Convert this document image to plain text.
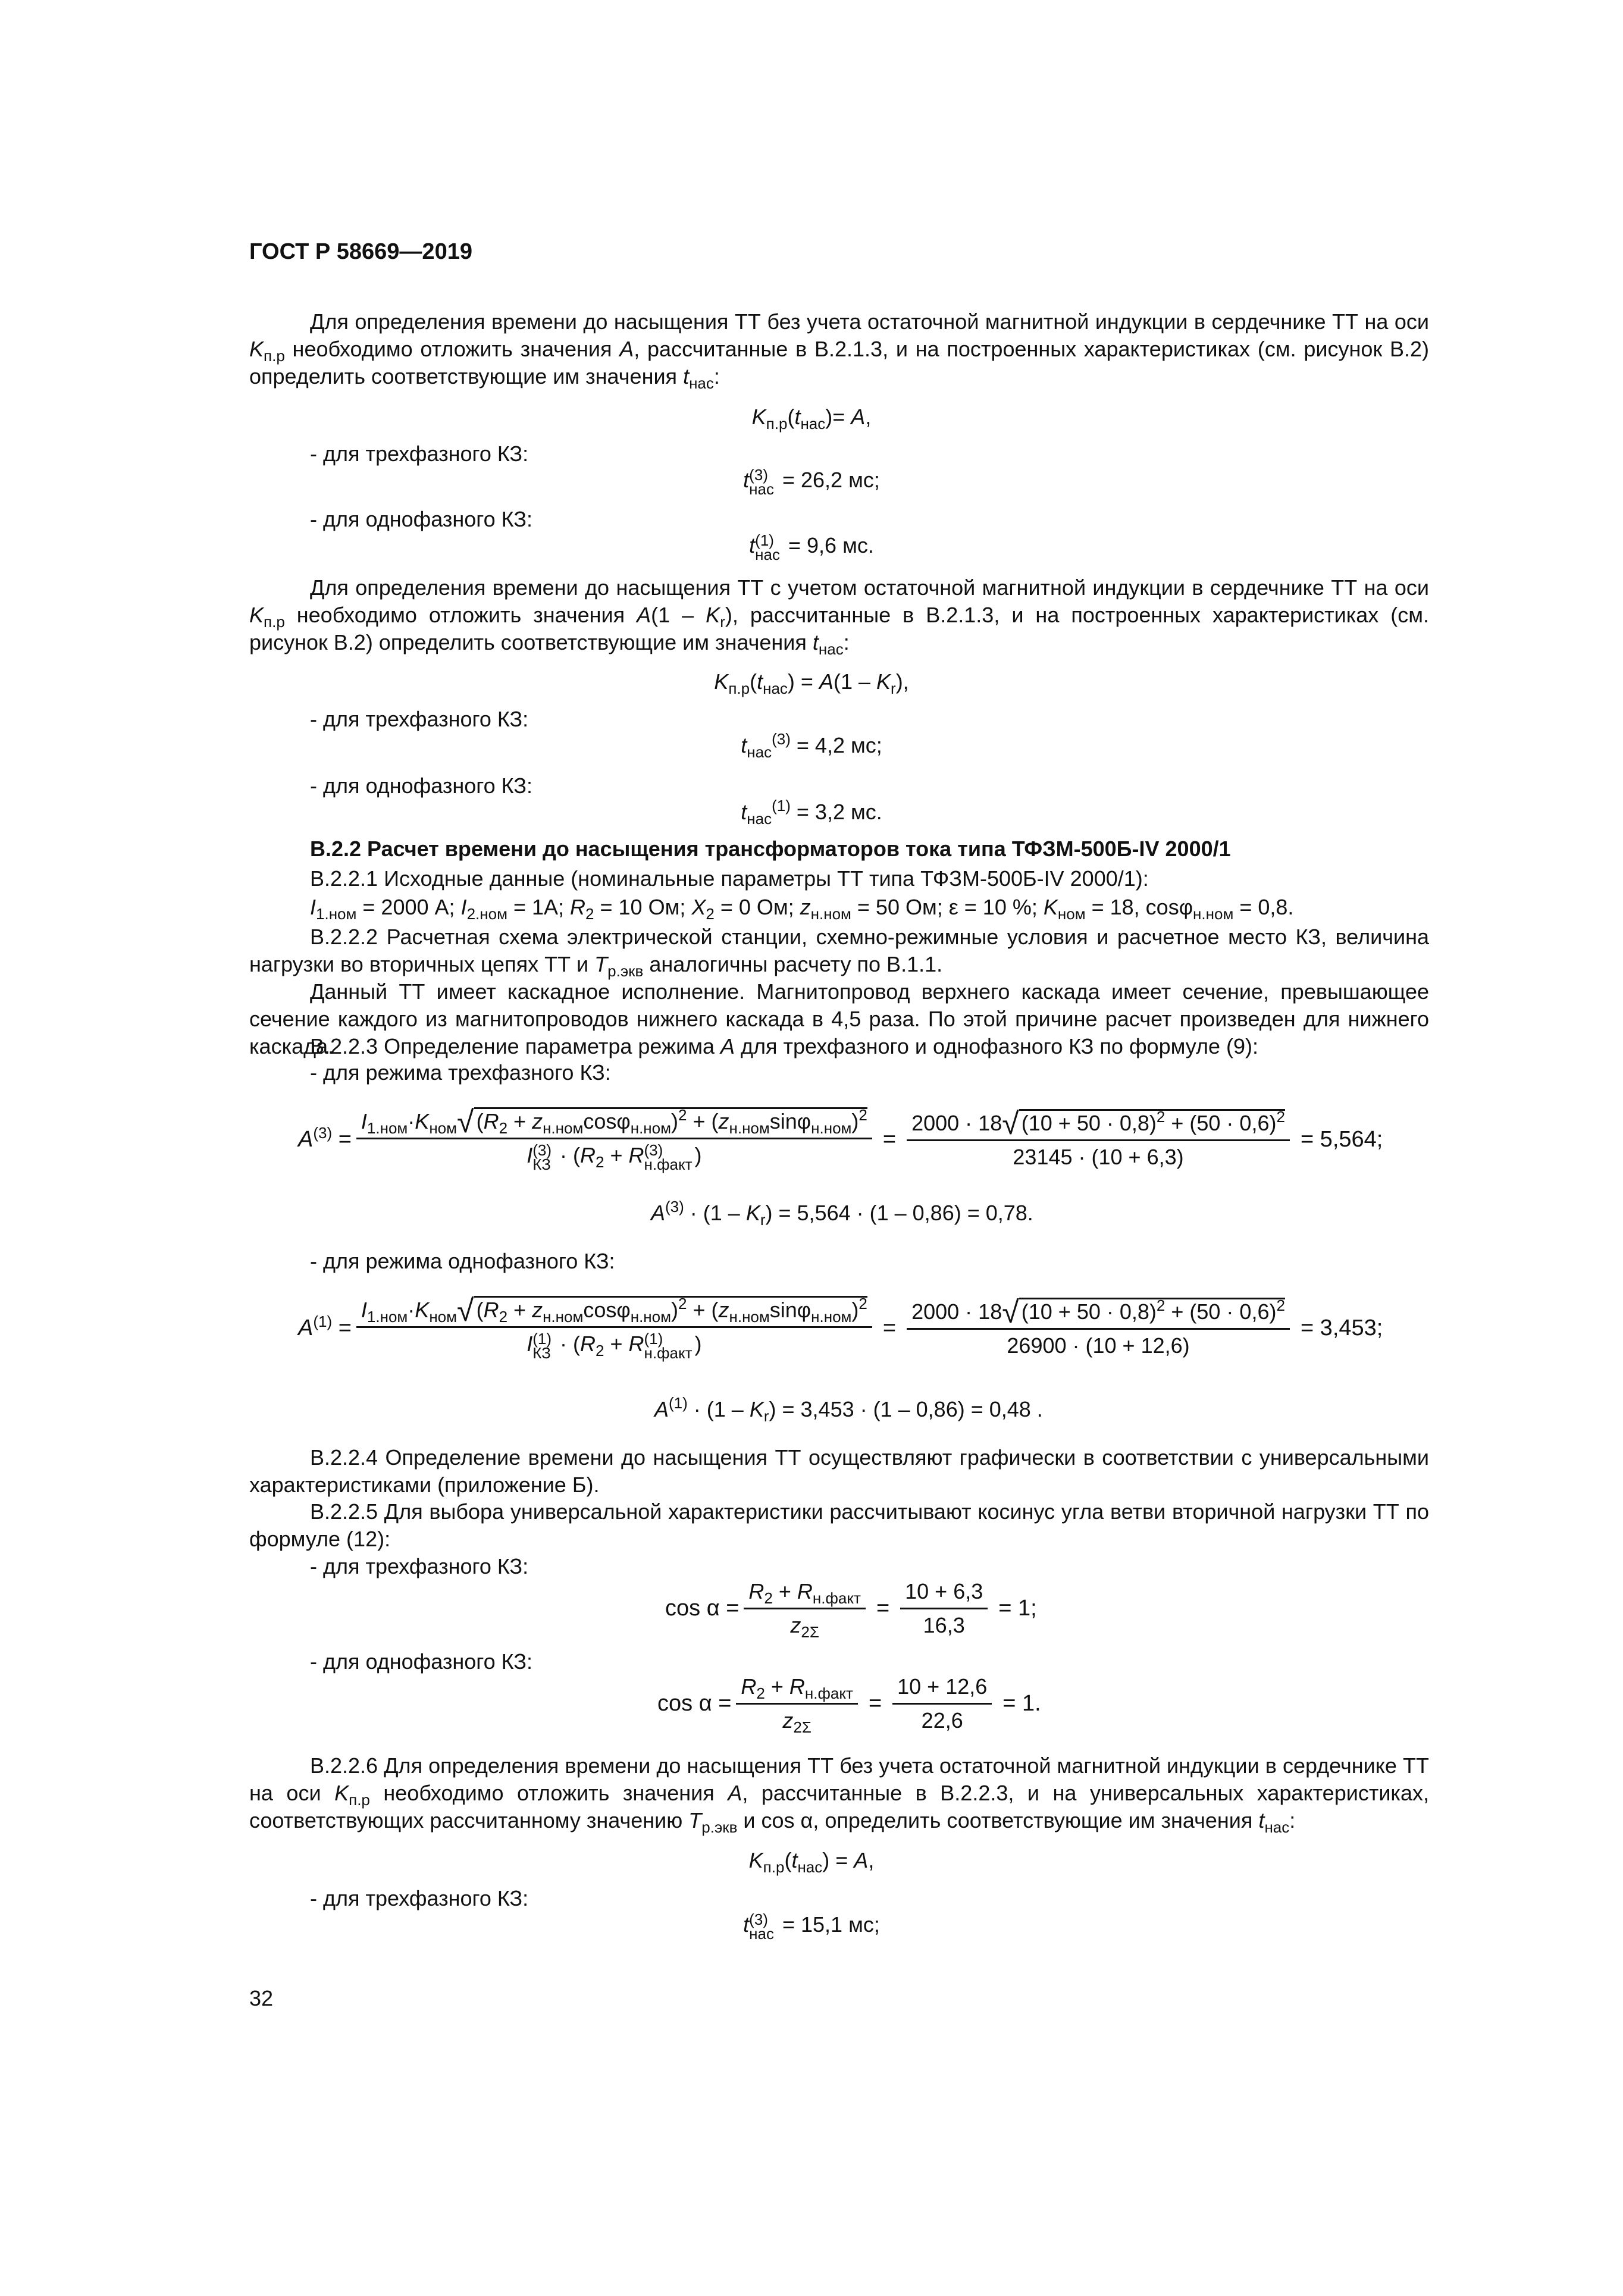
ГОСТ Р 58669—2019
Для определения времени до насыщения ТТ без учета остаточной магнитной индукции в сердечнике ТТ на оси $K_{п.р}$ необходимо отложить значения A, рассчитанные в В.2.1.3, и на построенных характеристиках (см. рисунок В.2) определить соответствующие им значения $t_{нас}$:
$K_{п.р}(t_{нас})= A$,
- для трехфазного КЗ:
t (3)
нас = 26,2 мс;
- для однофазного КЗ:
t (1)
нас = 9,6 мс.
Для определения времени до насыщения ТТ с учетом остаточной магнитной индукции в сердечнике ТТ на оси $K_{п.р}$ необходимо отложить значения $A(1 - K_r)$, рассчитанные в В.2.1.3, и на построенных характеристиках (см. рисунок В.2) определить соответствующие им значения $t_{нас}$:
$K_{п.р}(t_{нас}) = A(1 - K_r)$,
- для трехфазного КЗ:
$t_{нас}^{(3)} = 4,2$ мс;
- для однофазного КЗ:
$t_{нас}^{(1)} = 3,2$ мс.
В.2.2 Расчет времени до насыщения трансформаторов тока типа ТФЗМ-500Б-IV 2000/1
В.2.2.1 Исходные данные (номинальные параметры ТТ типа ТФЗМ-500Б-IV 2000/1):
$I_{1.ном} = 2000$ А; $I_{2.ном} = 1А$; $R_2 = 10$ Ом; $X_2 = 0$ Ом; $z_{н.ном} = 50$ Ом; ε = 10 %; $K_{ном} = 18$, cosφ$_{н.ном}$ = 0,8.
В.2.2.2 Расчетная схема электрической станции, схемно-режимные условия и расчетное место КЗ, величина нагрузки во вторичных цепях ТТ и $T_{p.экв}$ аналогичны расчету по В.1.1.
Данный ТТ имеет каскадное исполнение. Магнитопровод верхнего каскада имеет сечение, превышающее сечение каждого из магнитопроводов нижнего каскада в 4,5 раза. По этой причине расчет произведен для нижнего каскада.
В.2.2.3 Определение параметра режима A для трехфазного и однофазного КЗ по формуле (9):
- для режима трехфазного КЗ:
$A^{(3)} = I_{1.ном}\cdot K_{ном}√$ $(R_2 + z_{н.ном}\cos\varphi_{н.ном})^2 + (z_{н.ном}\sin\varphi_{н.ном})^2$
I (3)
КЗ · ($R_2 + R$ (3)
н.факт ) = $\frac{2000 \cdot 18√ (10 + 50 \cdot 0,8)^2 + (50 \cdot 0,6)^2}{23145 \cdot (10 + 6,3)} = 5,564$;
$A^{(3)} \cdot (1 - K_r) = 5,564 \cdot (1 - 0,86) = 0,78$.
- для режима однофазного КЗ:
$A^{(1)} = I_{1.ном}\cdot K_{ном}√$ $(R_2 + z_{н.ном}\cos\varphi_{н.ном})^2 + (z_{н.ном}\sin\varphi_{н.ном})^2$
I (1)
КЗ · ($R_2 + R$ (1)
н.факт ) = $\frac{2000 \cdot 18√ (10 + 50 \cdot 0,8)^2 + (50 \cdot 0,6)^2}{26900 \cdot (10 + 12,6)} = 3,453$;
$A^{(1)} \cdot (1 - K_r) = 3,453 \cdot (1 - 0,86) = 0,48$ .
В.2.2.4 Определение времени до насыщения ТТ осуществляют графически в соответствии с универсальными характеристиками (приложение Б).
В.2.2.5 Для выбора универсальной характеристики рассчитывают косинус угла ветви вторичной нагрузки ТТ по формуле (12):
- для трехфазного КЗ:
$\cos \alpha = \frac{R_2 + R_{н.факт}}{z_{2\Sigma}} = \frac{10 + 6,3}{16,3} = 1$;
- для однофазного КЗ:
$\cos \alpha = \frac{R_2 + R_{н.факт}}{z_{2\Sigma}} = \frac{10 + 12,6}{22,6} = 1$.
В.2.2.6 Для определения времени до насыщения ТТ без учета остаточной магнитной индукции в сердечнике ТТ на оси $K_{п.р}$ необходимо отложить значения A, рассчитанные в В.2.2.3, и на универсальных характеристиках, соответствующих рассчитанному значению $T_{p.экв}$ и cos α, определить соответствующие им значения $t_{нас}$:
$K_{п.р}(t_{нас}) = A$,
- для трехфазного КЗ:
t (3)
нас = 15,1 мс;
32
